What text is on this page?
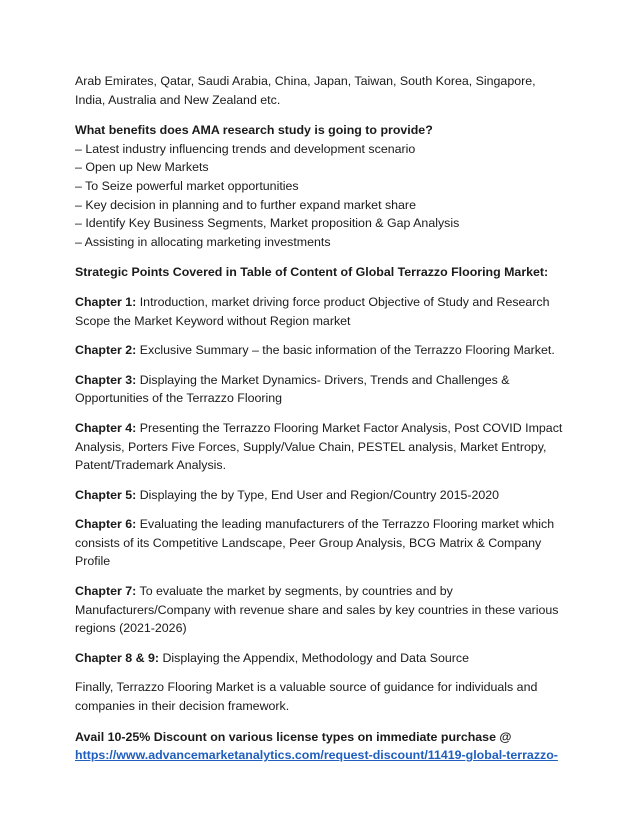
Arab Emirates, Qatar, Saudi Arabia, China, Japan, Taiwan, South Korea, Singapore, India, Australia and New Zealand etc.

What benefits does AMA research study is going to provide?

– Latest industry influencing trends and development scenario

– Open up New Markets

– To Seize powerful market opportunities

– Key decision in planning and to further expand market share

– Identify Key Business Segments, Market proposition & Gap Analysis

– Assisting in allocating marketing investments

Strategic Points Covered in Table of Content of Global Terrazzo Flooring Market:

Chapter 1: Introduction, market driving force product Objective of Study and Research Scope the Market Keyword without Region market

Chapter 2: Exclusive Summary – the basic information of the Terrazzo Flooring Market.

Chapter 3: Displaying the Market Dynamics- Drivers, Trends and Challenges & Opportunities of the Terrazzo Flooring

Chapter 4: Presenting the Terrazzo Flooring Market Factor Analysis, Post COVID Impact Analysis, Porters Five Forces, Supply/Value Chain, PESTEL analysis, Market Entropy, Patent/Trademark Analysis.

Chapter 5: Displaying the by Type, End User and Region/Country 2015-2020

Chapter 6: Evaluating the leading manufacturers of the Terrazzo Flooring market which consists of its Competitive Landscape, Peer Group Analysis, BCG Matrix & Company Profile

Chapter 7: To evaluate the market by segments, by countries and by Manufacturers/Company with revenue share and sales by key countries in these various regions (2021-2026)

Chapter 8 & 9: Displaying the Appendix, Methodology and Data Source

Finally, Terrazzo Flooring Market is a valuable source of guidance for individuals and companies in their decision framework.

Avail 10-25% Discount on various license types on immediate purchase @

https://www.advancemarketanalytics.com/request-discount/11419-global-terrazzo-
